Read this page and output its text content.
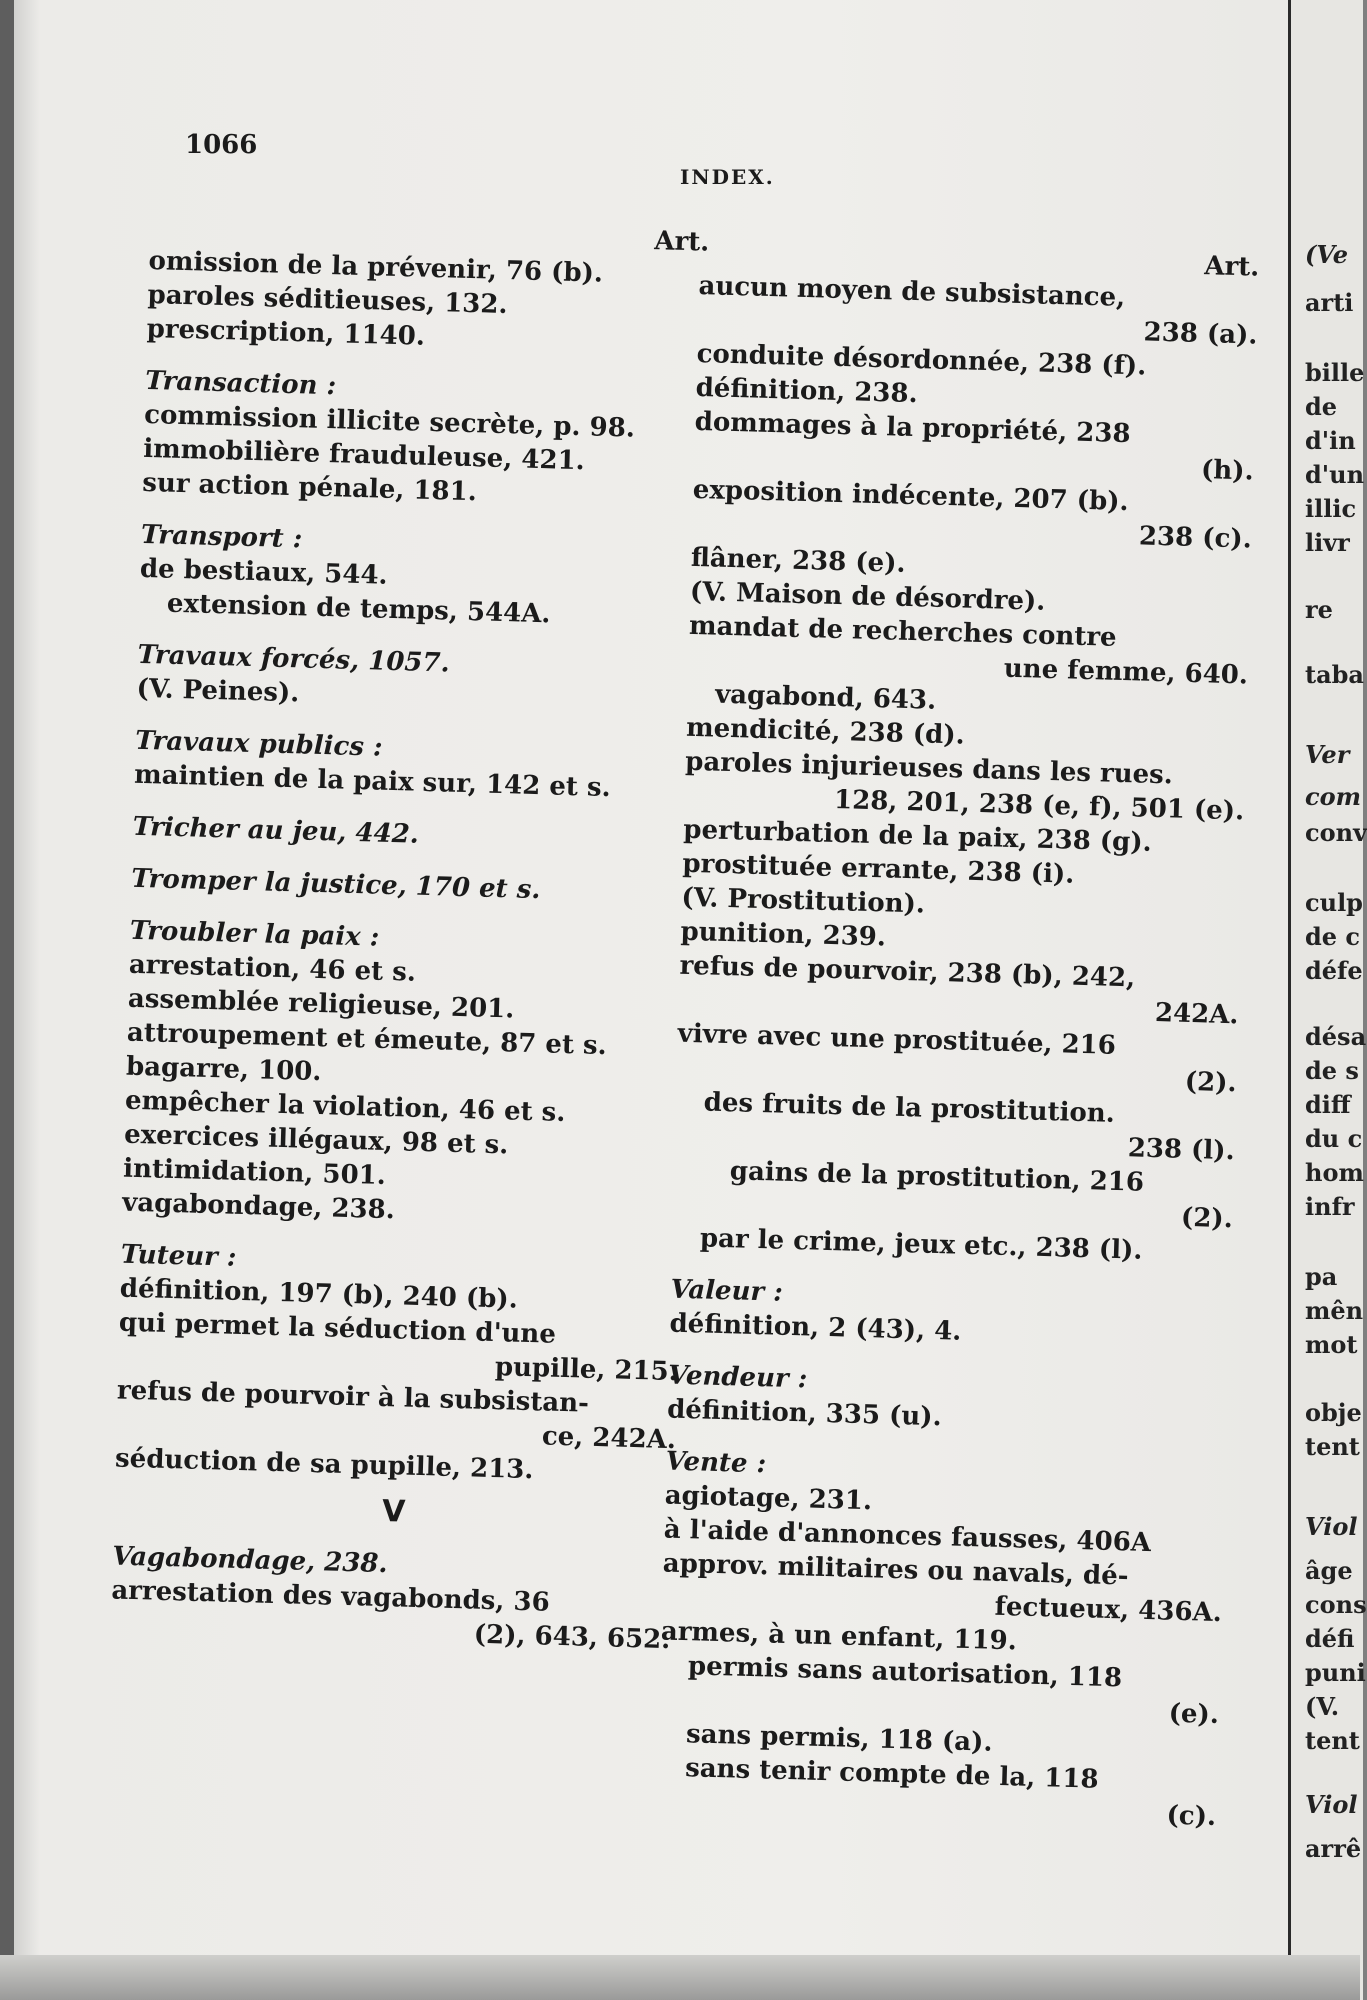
1066
INDEX.
Art.
omission de la prévenir, 76 (b).
paroles séditieuses, 132.
prescription, 1140.
Transaction :
commission illicite secrète, p. 98.
immobilière frauduleuse, 421.
sur action pénale, 181.
Transport :
de bestiaux, 544.
extension de temps, 544A.
Travaux forcés, 1057.
(V. Peines).
Travaux publics :
maintien de la paix sur, 142 et s.
Tricher au jeu, 442.
Tromper la justice, 170 et s.
Troubler la paix :
arrestation, 46 et s.
assemblée religieuse, 201.
attroupement et émeute, 87 et s.
bagarre, 100.
empêcher la violation, 46 et s.
exercices illégaux, 98 et s.
intimidation, 501.
vagabondage, 238.
Tuteur :
définition, 197 (b), 240 (b).
qui permet la séduction d'une
pupille, 215.
refus de pourvoir à la subsistan-
ce, 242A.
séduction de sa pupille, 213.
V
Vagabondage, 238.
arrestation des vagabonds, 36
(2), 643, 652.
Art.
aucun moyen de subsistance,
238 (a).
conduite désordonnée, 238 (f).
définition, 238.
dommages à la propriété, 238
(h).
exposition indécente, 207 (b).
238 (c).
flâner, 238 (e).
(V. Maison de désordre).
mandat de recherches contre
une femme, 640.
vagabond, 643.
mendicité, 238 (d).
paroles injurieuses dans les rues.
128, 201, 238 (e, f), 501 (e).
perturbation de la paix, 238 (g).
prostituée errante, 238 (i).
(V. Prostitution).
punition, 239.
refus de pourvoir, 238 (b), 242,
242A.
vivre avec une prostituée, 216
(2).
des fruits de la prostitution.
238 (l).
gains de la prostitution, 216
(2).
par le crime, jeux etc., 238 (l).
Valeur :
définition, 2 (43), 4.
Vendeur :
définition, 335 (u).
Vente :
agiotage, 231.
à l'aide d'annonces fausses, 406A
approv. militaires ou navals, dé-
fectueux, 436A.
armes, à un enfant, 119.
permis sans autorisation, 118
(e).
sans permis, 118 (a).
sans tenir compte de la, 118
(c).
(Ve
arti
bille
de
d'in
d'un
illic
livr
re
taba
Ver
com
conv
culp
de c
défe
désa
de s
diff
du c
hom
infr
pa
mên
mot
obje
tent
Viol
âge
cons
défi
puni
(V.
tent
Viol
arrê
